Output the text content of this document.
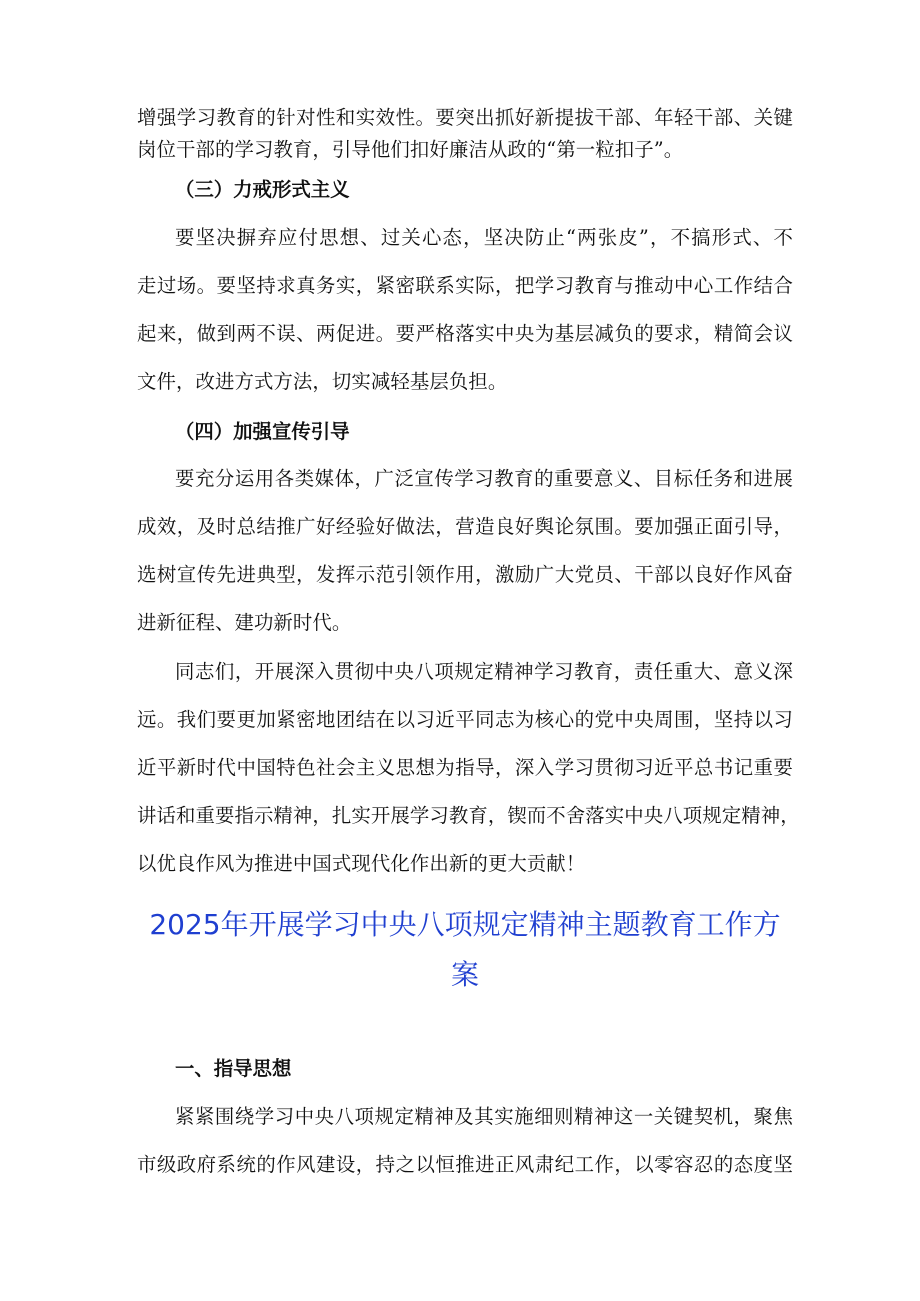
增强学习教育的针对性和实效性。要突出抓好新提拔干部、年轻干部、关键
岗位干部的学习教育，引导他们扣好廉洁从政的“第一粒扣子”。
（三）力戒形式主义
要坚决摒弃应付思想、过关心态，坚决防止“两张皮”，不搞形式、不
走过场。要坚持求真务实，紧密联系实际，把学习教育与推动中心工作结合
起来，做到两不误、两促进。要严格落实中央为基层减负的要求，精简会议
文件，改进方式方法，切实减轻基层负担。
（四）加强宣传引导
要充分运用各类媒体，广泛宣传学习教育的重要意义、目标任务和进展
成效，及时总结推广好经验好做法，营造良好舆论氛围。要加强正面引导，
选树宣传先进典型，发挥示范引领作用，激励广大党员、干部以良好作风奋
进新征程、建功新时代。
同志们，开展深入贯彻中央八项规定精神学习教育，责任重大、意义深
远。我们要更加紧密地团结在以习近平同志为核心的党中央周围，坚持以习
近平新时代中国特色社会主义思想为指导，深入学习贯彻习近平总书记重要
讲话和重要指示精神，扎实开展学习教育，锲而不舍落实中央八项规定精神，
以优良作风为推进中国式现代化作出新的更大贡献！
2025年开展学习中央八项规定精神主题教育工作方
案
一、指导思想
紧紧围绕学习中央八项规定精神及其实施细则精神这一关键契机，聚焦
市级政府系统的作风建设，持之以恒推进正风肃纪工作，以零容忍的态度坚
